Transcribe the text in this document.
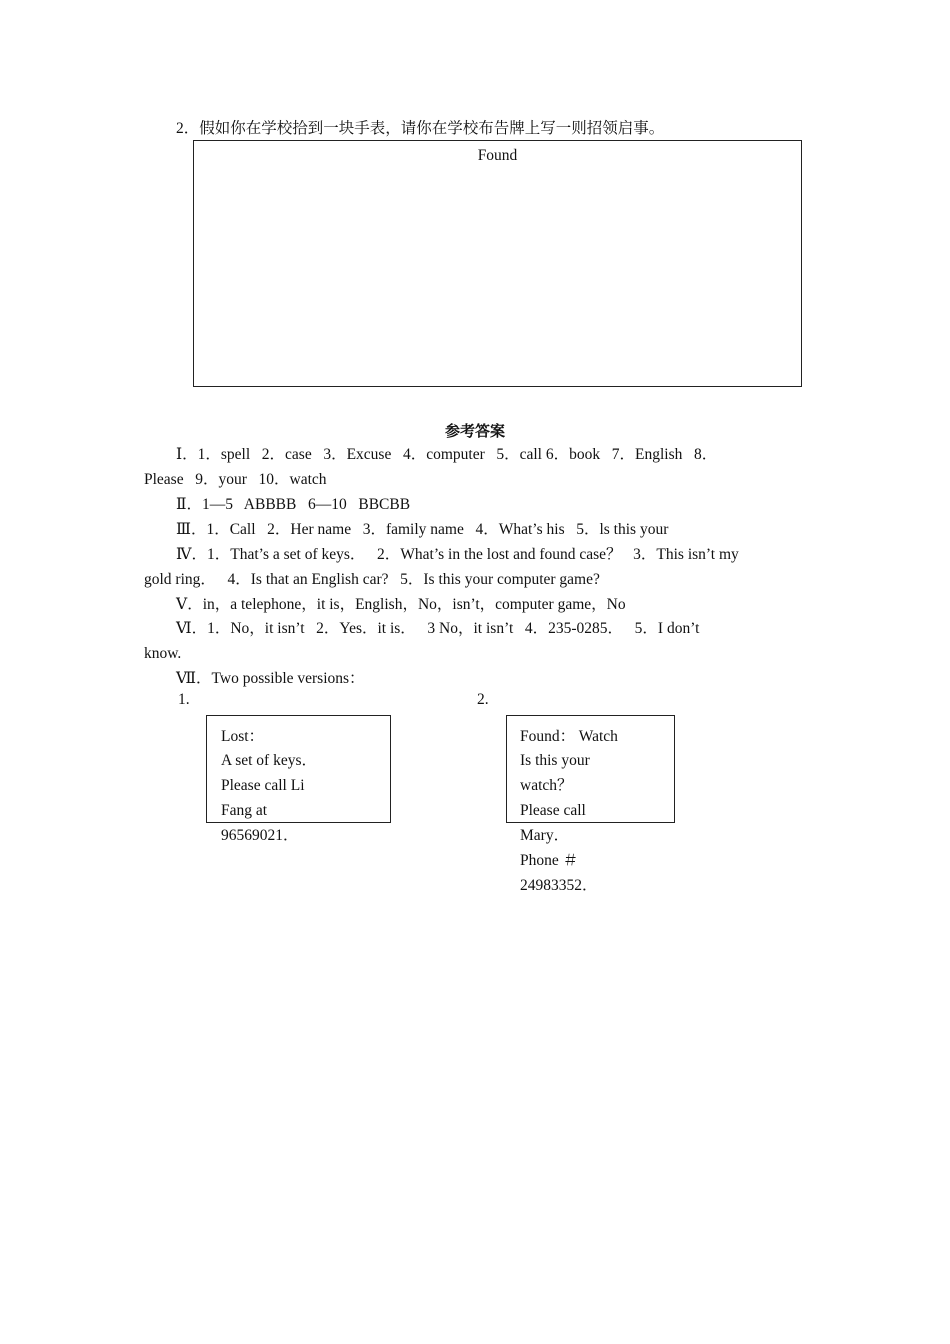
2．假如你在学校拾到一块手表，请你在学校布告牌上写一则招领启事。
Found
参考答案
Ⅰ．1．spell   2．case   3．Excuse   4．computer   5．call 6．book   7．English   8．
Please   9．your   10．watch
Ⅱ．1—5   ABBBB   6—10   BBCBB
Ⅲ．1．Call   2．Her name   3．family name   4．What’s his   5．ls this your
Ⅳ．1．That’s a set of keys．   2．What’s in the lost and found case？   3．This isn’t my
gold ring．   4．Is that an English car?   5．Is this your computer game?
Ⅴ．in，a telephone，it is，English，No，isn’t，computer game，No
Ⅵ．1．No，it isn’t   2．Yes．it is．   3 No，it isn’t   4．235-0285．   5．I don’t
know.
Ⅶ．Two possible versions：
1.
Lost：
A set of keys．
Please call Li
Fang at
96569021．
2.
Found： Watch
Is this your
watch？
Please call
Mary．
Phone ＃
24983352．
